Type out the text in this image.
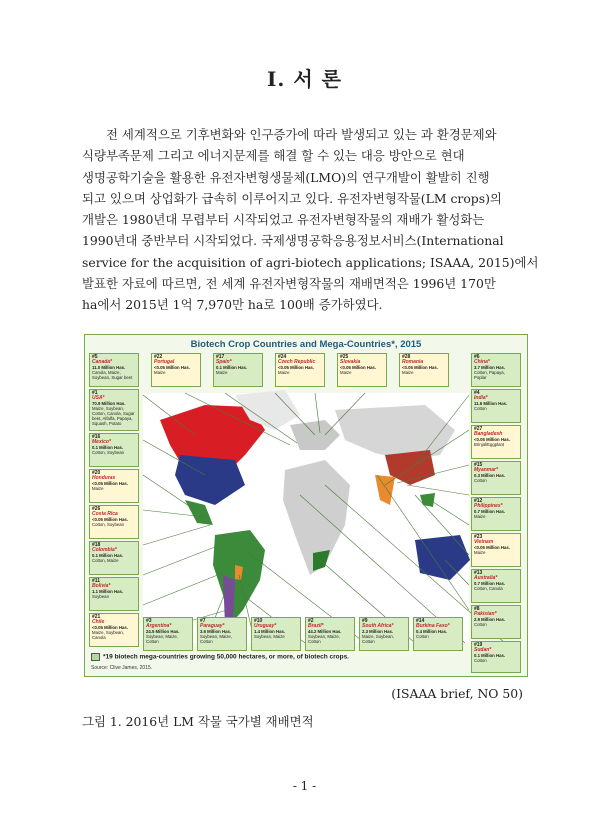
I. 서 론
전 세계적으로 기후변화와 인구증가에 따라 발생되고 있는 과 환경문제와
식량부족문제 그리고 에너지문제를 해결 할 수 있는 대응 방안으로 현대
생명공학기술을 활용한 유전자변형생물체(LMO)의 연구개발이 활발히 진행
되고 있으며 상업화가 급속히 이루어지고 있다. 유전자변형작물(LM crops)의
개발은 1980년대 무렵부터 시작되었고 유전자변형작물의 재배가 활성화는
1990년대 중반부터 시작되었다. 국제생명공학응용정보서비스(International
service for the acquisition of agri-biotech applications; ISAAA, 2015)에서
발표한 자료에 따르면, 전 세계 유전자변형작물의 재배면적은 1996년 170만
ha에서 2015년 1억 7,970만 ha로 100배 증가하였다.
Biotech Crop Countries and Mega-Countries*, 2015
#5
Canada*
11.0 Million Has.
Canola, Maize, Soybean, Sugar beet
#22
Portugal
<0.05 Million Has.
Maize
#17
Spain*
0.1 Million Has.
Maize
#24
Czech Republic
<0.05 Million Has.
Maize
#25
Slovakia
<0.05 Million Has.
Maize
#28
Romania
<0.05 Million Has.
Maize
#6
China*
3.7 Million Has.
Cotton, Papaya, Poplar
#1
USA*
70.9 Million Has.
Maize, Soybean, Cotton, Canola, Sugar beet, Alfalfa, Papaya, Squash, Potato
#16
Mexico*
0.1 Million Has.
Cotton, Soybean
#20
Honduras
<0.05 Million Has.
Maize
#26
Costa Rica
<0.05 Million Has.
Cotton, Soybean
#18
Colombia*
0.1 Million Has.
Cotton, Maize
#11
Bolivia*
1.1 Million Has.
Soybean
#21
Chile
<0.05 Million Has.
Maize, Soybean, Canola
#4
India*
11.6 Million Has.
Cotton
#27
Bangladesh
<0.05 Million Has.
Brinjal/Eggplant
#15
Myanmar*
0.3 Million Has.
Cotton
#12
Philippines*
0.7 Million Has.
Maize
#23
Vietnam
<0.05 Million Has.
Maize
#13
Australia*
0.7 Million Has.
Cotton, Canola
#8
Pakistan*
2.9 Million Has.
Cotton
#3
Argentina*
24.5 Million Has.
Soybean, Maize, Cotton
#7
Paraguay*
3.6 Million Has.
Soybean, Maize, Cotton
#10
Uruguay*
1.4 Million Has.
Soybean, Maize
#2
Brazil*
44.2 Million Has.
Soybean, Maize, Cotton
#9
South Africa*
2.3 Million Has.
Maize, Soybean, Cotton
#14
Burkina Faso*
0.4 Million Has.
Cotton
#19
Sudan*
0.1 Million Has.
Cotton
*19 biotech mega-countries growing 50,000 hectares, or more, of biotech crops.
Source: Clive James, 2015.
(ISAAA brief, NO 50)
그림 1. 2016년 LM 작물 국가별 재배면적
- 1 -
